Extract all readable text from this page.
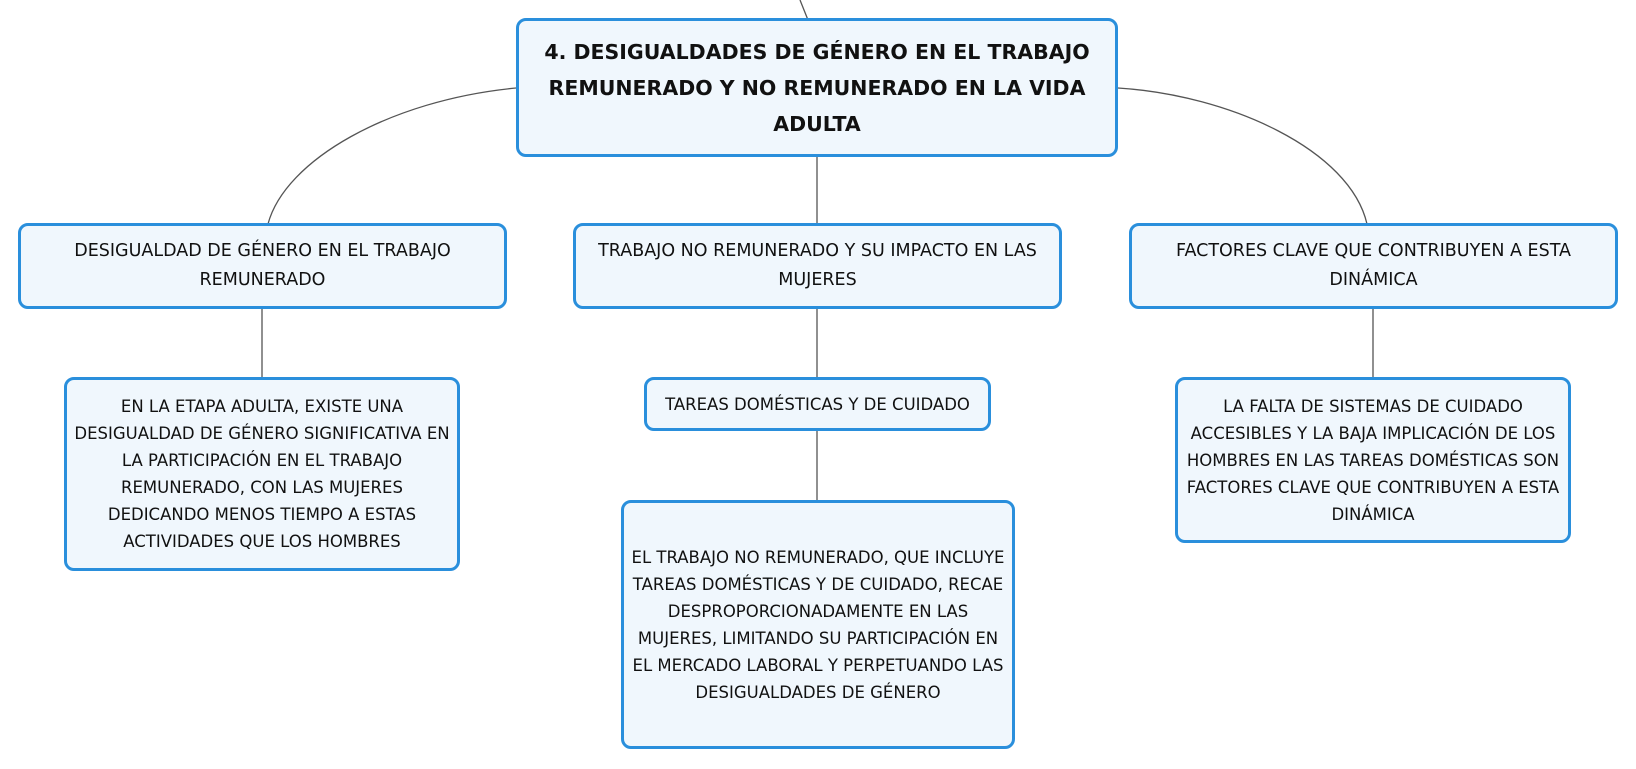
4. DESIGUALDADES DE GÉNERO EN EL TRABAJO REMUNERADO Y NO REMUNERADO EN LA VIDA ADULTA
DESIGUALDAD DE GÉNERO EN EL TRABAJO REMUNERADO
TRABAJO NO REMUNERADO Y SU IMPACTO EN LAS MUJERES
FACTORES CLAVE QUE CONTRIBUYEN A ESTA DINÁMICA
EN LA ETAPA ADULTA, EXISTE UNA DESIGUALDAD DE GÉNERO SIGNIFICATIVA EN LA PARTICIPACIÓN EN EL TRABAJO REMUNERADO, CON LAS MUJERES DEDICANDO MENOS TIEMPO A ESTAS ACTIVIDADES QUE LOS HOMBRES
TAREAS DOMÉSTICAS Y DE CUIDADO
EL TRABAJO NO REMUNERADO, QUE INCLUYE TAREAS DOMÉSTICAS Y DE CUIDADO, RECAE DESPROPORCIONADAMENTE EN LAS MUJERES, LIMITANDO SU PARTICIPACIÓN EN EL MERCADO LABORAL Y PERPETUANDO LAS DESIGUALDADES DE GÉNERO
LA FALTA DE SISTEMAS DE CUIDADO ACCESIBLES Y LA BAJA IMPLICACIÓN DE LOS HOMBRES EN LAS TAREAS DOMÉSTICAS SON FACTORES CLAVE QUE CONTRIBUYEN A ESTA DINÁMICA
